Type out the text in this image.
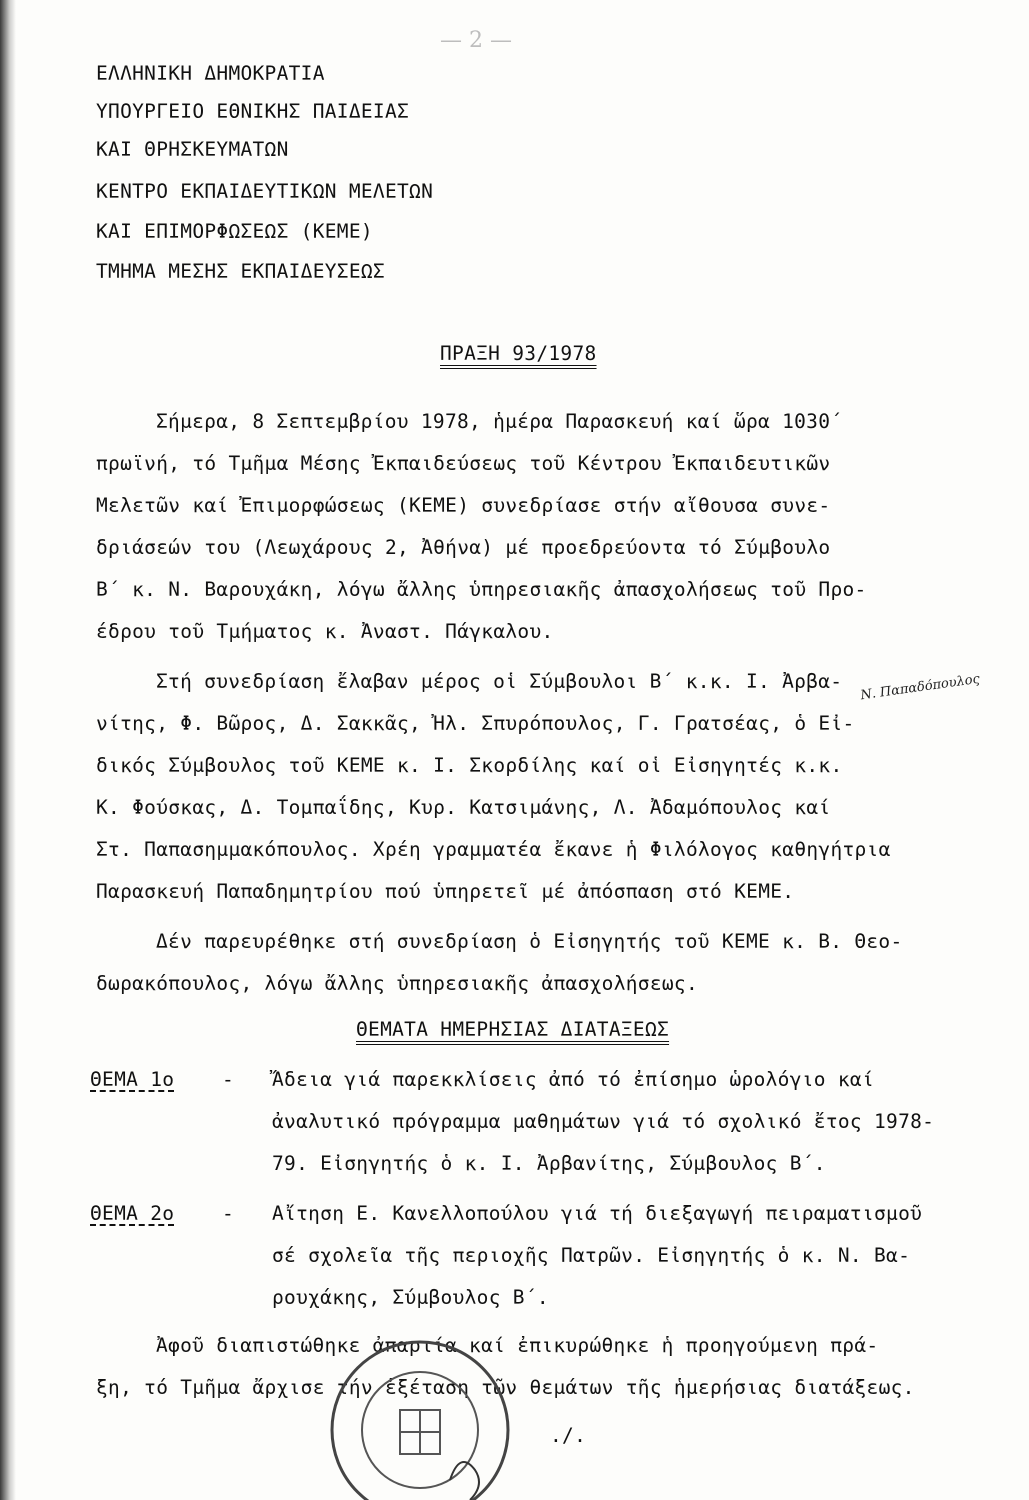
— 2 —
ΕΛΛΗΝΙΚΗ ΔΗΜΟΚΡΑΤΙΑ
ΥΠΟΥΡΓΕΙΟ ΕΘΝΙΚΗΣ ΠΑΙΔΕΙΑΣ
ΚΑΙ ΘΡΗΣΚΕΥΜΑΤΩΝ
ΚΕΝΤΡΟ ΕΚΠΑΙΔΕΥΤΙΚΩΝ ΜΕΛΕΤΩΝ
ΚΑΙ ΕΠΙΜΟΡΦΩΣΕΩΣ (ΚΕΜΕ)
ΤΜΗΜΑ ΜΕΣΗΣ ΕΚΠΑΙΔΕΥΣΕΩΣ
ΠΡΑΞΗ 93/1978
Σήμερα, 8 Σεπτεμβρίου 1978, ἡμέρα Παρασκευή καί ὥρα 1030΄
πρωϊνή, τό Τμῆμα Μέσης Ἐκπαιδεύσεως τοῦ Κέντρου Ἐκπαιδευτικῶν
Μελετῶν καί Ἐπιμορφώσεως (ΚΕΜΕ) συνεδρίασε στήν αἴθουσα συνε-
δριάσεών του (Λεωχάρους 2, Ἀθήνα) μέ προεδρεύοντα τό Σύμβουλο
Β΄ κ. Ν. Βαρουχάκη, λόγω ἄλλης ὑπηρεσιακῆς ἀπασχολήσεως τοῦ Προ-
έδρου τοῦ Τμήματος κ. Ἀναστ. Πάγκαλου.
Στή συνεδρίαση ἔλαβαν μέρος οἱ Σύμβουλοι Β΄ κ.κ. Ι. Ἀρβα-
νίτης, Φ. Βῶρος, Δ. Σακκᾶς, Ἠλ. Σπυρόπουλος, Γ. Γρατσέας, ὁ Εἰ-
δικός Σύμβουλος τοῦ ΚΕΜΕ κ. Ι. Σκορδίλης καί οἱ Εἰσηγητές κ.κ.
Κ. Φούσκας, Δ. Τομπαΐδης, Κυρ. Κατσιμάνης, Λ. Ἀδαμόπουλος καί
Στ. Παπασημμακόπουλος. Χρέη γραμματέα ἔκανε ἡ Φιλόλογος καθηγήτρια
Παρασκευή Παπαδημητρίου πού ὑπηρετεῖ μέ ἀπόσπαση στό ΚΕΜΕ.
Ν. Παπαδόπουλος
Δέν παρευρέθηκε στή συνεδρίαση ὁ Εἰσηγητής τοῦ ΚΕΜΕ κ. Β. Θεο-
δωρακόπουλος, λόγω ἄλλης ὑπηρεσιακῆς ἀπασχολήσεως.
ΘΕΜΑΤΑ ΗΜΕΡΗΣΙΑΣ ΔΙΑΤΑΞΕΩΣ
ΘΕΜΑ 1ο - Ἄδεια γιά παρεκκλίσεις ἀπό τό ἐπίσημο ὡρολόγιο καί
ἀναλυτικό πρόγραμμα μαθημάτων γιά τό σχολικό ἔτος 1978-
79. Εἰσηγητής ὁ κ. Ι. Ἀρβανίτης, Σύμβουλος Β΄.
ΘΕΜΑ 2ο - Αἴτηση Ε. Κανελλοπούλου γιά τή διεξαγωγή πειραματισμοῦ
σέ σχολεῖα τῆς περιοχῆς Πατρῶν. Εἰσηγητής ὁ κ. Ν. Βα-
ρουχάκης, Σύμβουλος Β΄.
Ἀφοῦ διαπιστώθηκε ἀπαρτία καί ἐπικυρώθηκε ἡ προηγούμενη πρά-
ξη, τό Τμῆμα ἄρχισε τήν ἐξέταση τῶν θεμάτων τῆς ἡμερήσιας διατάξεως.
./.
